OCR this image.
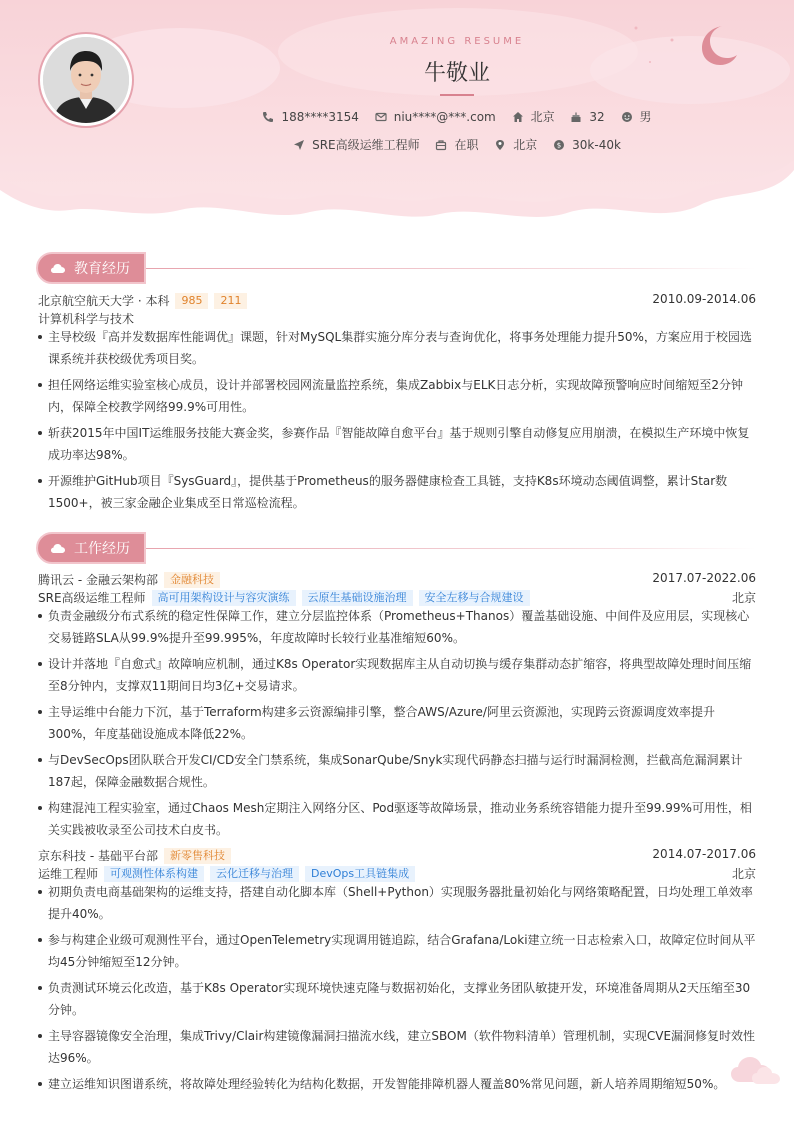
AMAZING RESUME
牛敬业
188****3154
	niu****@***.com
	北京
	32
	男
SRE高级运维工程师
	在职
	北京
	$ 30k-40k
教育经历
北京航空航天大学 · 本科	985	211	2010.09-2014.06
计算机科学与技术
主导校级『高并发数据库性能调优』课题，针对MySQL集群实施分库分表与查询优化，将事务处理能力提升50%，方案应用于校园选课系统并获校级优秀项目奖。
担任网络运维实验室核心成员，设计并部署校园网流量监控系统，集成Zabbix与ELK日志分析，实现故障预警响应时间缩短至2分钟内，保障全校教学网络99.9%可用性。
斩获2015年中国IT运维服务技能大赛金奖，参赛作品『智能故障自愈平台』基于规则引擎自动修复应用崩溃，在模拟生产环境中恢复成功率达98%。
开源维护GitHub项目『SysGuard』，提供基于Prometheus的服务器健康检查工具链，支持K8s环境动态阈值调整，累计Star数1500+，被三家金融企业集成至日常巡检流程。
工作经历
腾讯云 - 金融云架构部	金融科技	2017.07-2022.06
SRE高级运维工程师	高可用架构设计与容灾演练	云原生基础设施治理	安全左移与合规建设	北京
负责金融级分布式系统的稳定性保障工作，建立分层监控体系（Prometheus+Thanos）覆盖基础设施、中间件及应用层，实现核心交易链路SLA从99.9%提升至99.995%，年度故障时长较行业基准缩短60%。
设计并落地『自愈式』故障响应机制，通过K8s Operator实现数据库主从自动切换与缓存集群动态扩缩容，将典型故障处理时间压缩至8分钟内，支撑双11期间日均3亿+交易请求。
主导运维中台能力下沉，基于Terraform构建多云资源编排引擎，整合AWS/Azure/阿里云资源池，实现跨云资源调度效率提升300%，年度基础设施成本降低22%。
与DevSecOps团队联合开发CI/CD安全门禁系统，集成SonarQube/Snyk实现代码静态扫描与运行时漏洞检测，拦截高危漏洞累计187起，保障金融数据合规性。
构建混沌工程实验室，通过Chaos Mesh定期注入网络分区、Pod驱逐等故障场景，推动业务系统容错能力提升至99.99%可用性，相关实践被收录至公司技术白皮书。
京东科技 - 基础平台部	新零售科技	2014.07-2017.06
运维工程师	可观测性体系构建	云化迁移与治理	DevOps工具链集成	北京
初期负责电商基础架构的运维支持，搭建自动化脚本库（Shell+Python）实现服务器批量初始化与网络策略配置，日均处理工单效率提升40%。
参与构建企业级可观测性平台，通过OpenTelemetry实现调用链追踪，结合Grafana/Loki建立统一日志检索入口，故障定位时间从平均45分钟缩短至12分钟。
负责测试环境云化改造，基于K8s Operator实现环境快速克隆与数据初始化，支撑业务团队敏捷开发，环境准备周期从2天压缩至30分钟。
主导容器镜像安全治理，集成Trivy/Clair构建镜像漏洞扫描流水线，建立SBOM（软件物料清单）管理机制，实现CVE漏洞修复时效性达96%。
建立运维知识图谱系统，将故障处理经验转化为结构化数据，开发智能排障机器人覆盖80%常见问题，新人培养周期缩短50%。
